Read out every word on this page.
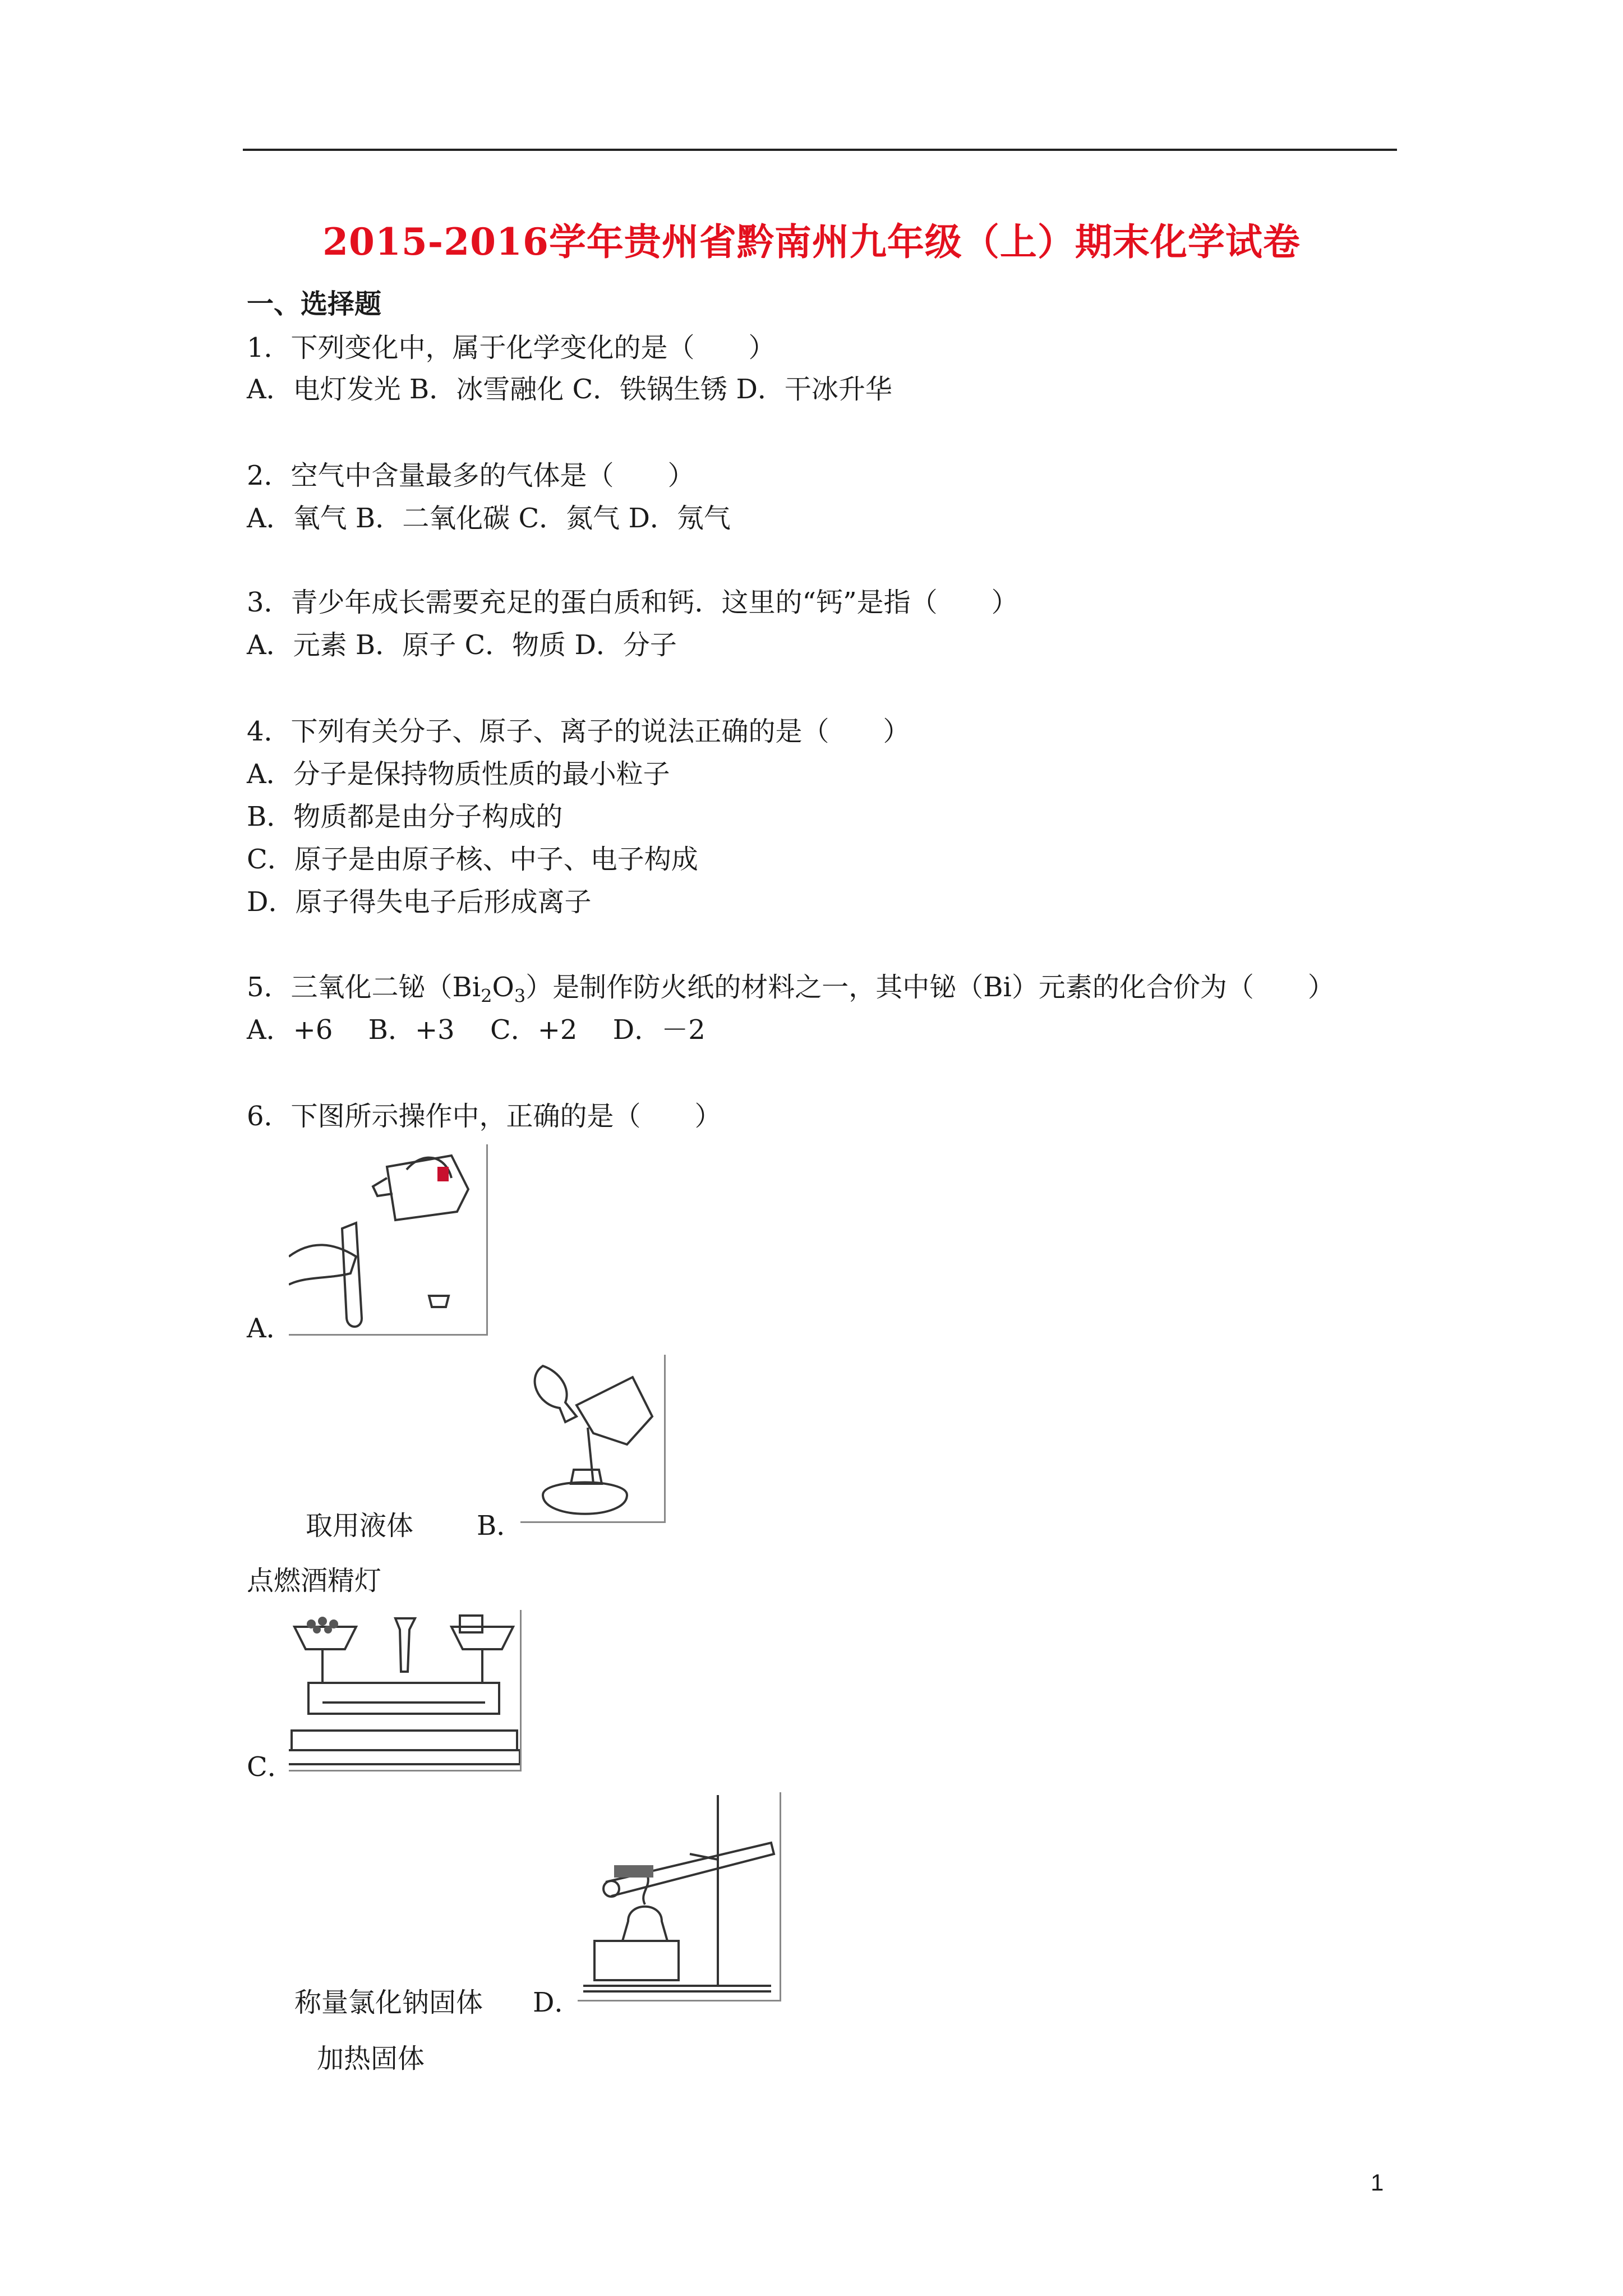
2015-2016学年贵州省黔南州九年级（上）期末化学试卷
一、选择题
1．下列变化中，属于化学变化的是（　　）
A．电灯发光 B．冰雪融化 C．铁锅生锈 D．干冰升华
2．空气中含量最多的气体是（　　）
A．氧气 B．二氧化碳 C．氮气 D．氖气
3．青少年成长需要充足的蛋白质和钙．这里的“钙”是指（　　）
A．元素 B．原子 C．物质 D．分子
4．下列有关分子、原子、离子的说法正确的是（　　）
A．分子是保持物质性质的最小粒子
B．物质都是由分子构成的
C．原子是由原子核、中子、电子构成
D．原子得失电子后形成离子
5．三氧化二铋$(Bi_2O_3)$是制作防火纸的材料之一，其中铋（Bi）元素的化合价为（　　）
A．+6　 B．+3　 C．+2　 D．－2
6．下图所示操作中，正确的是（　　）
A．
取用液体 B．
点燃酒精灯
C．
称量氯化钠固体 D．
加热固体
1
